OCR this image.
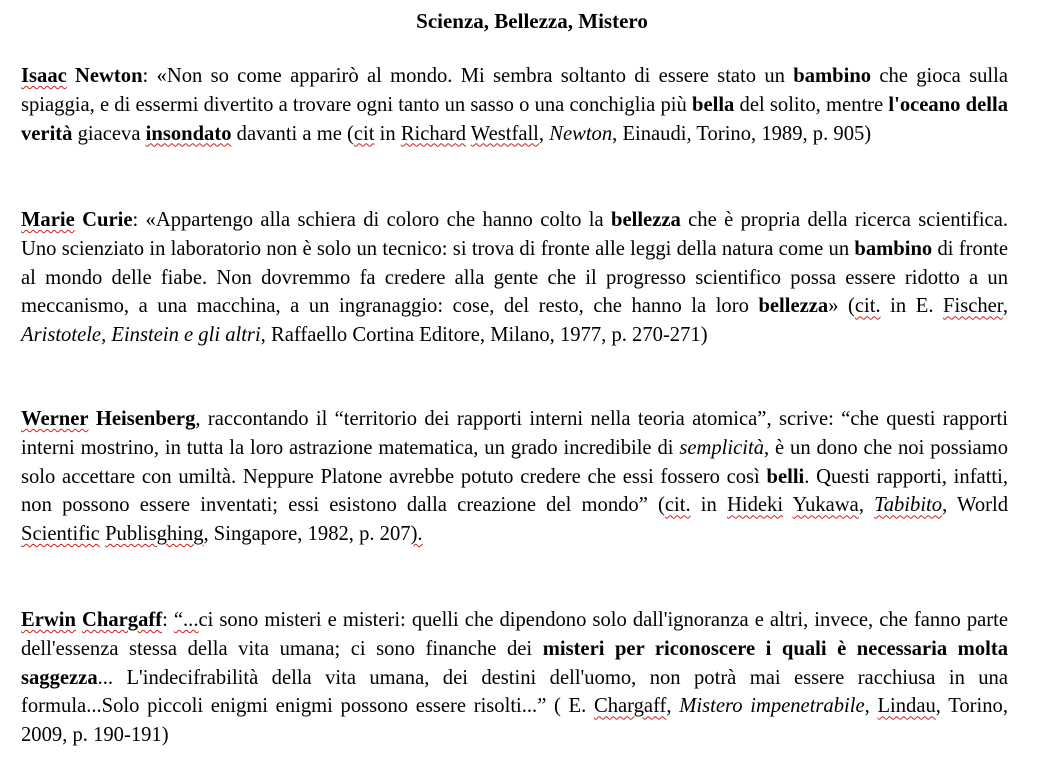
Scienza, Bellezza, Mistero

Isaac Newton: «Non so come apparirò al mondo. Mi sembra soltanto di essere stato un bambino che gioca sulla spiaggia, e di essermi divertito a trovare ogni tanto un sasso o una conchiglia più bella del solito, mentre l'oceano della verità giaceva insondato davanti a me (cit in Richard Westfall, Newton, Einaudi, Torino, 1989, p. 905)

Marie Curie: «Appartengo alla schiera di coloro che hanno colto la bellezza che è propria della ricerca scientifica. Uno scienziato in laboratorio non è solo un tecnico: si trova di fronte alle leggi della natura come un bambino di fronte al mondo delle fiabe. Non dovremmo fa credere alla gente che il progresso scientifico possa essere ridotto a un meccanismo, a una macchina, a un ingranaggio: cose, del resto, che hanno la loro bellezza» (cit. in E. Fischer, Aristotele, Einstein e gli altri, Raffaello Cortina Editore, Milano, 1977, p. 270-271)

Werner Heisenberg, raccontando il “territorio dei rapporti interni nella teoria atomica”, scrive: “che questi rapporti interni mostrino, in tutta la loro astrazione matematica, un grado incredibile di semplicità, è un dono che noi possiamo solo accettare con umiltà. Neppure Platone avrebbe potuto credere che essi fossero così belli. Questi rapporti, infatti, non possono essere inventati; essi esistono dalla creazione del mondo” (cit. in Hideki Yukawa, Tabibito, World Scientific Publisghing, Singapore, 1982, p. 207).

Erwin Chargaff: “...ci sono misteri e misteri: quelli che dipendono solo dall'ignoranza e altri, invece, che fanno parte dell'essenza stessa della vita umana; ci sono finanche dei misteri per riconoscere i quali è necessaria molta saggezza... L'indecifrabilità della vita umana, dei destini dell'uomo, non potrà mai essere racchiusa in una formula...Solo piccoli enigmi enigmi possono essere risolti...” ( E. Chargaff, Mistero impenetrabile, Lindau, Torino, 2009, p. 190-191)
